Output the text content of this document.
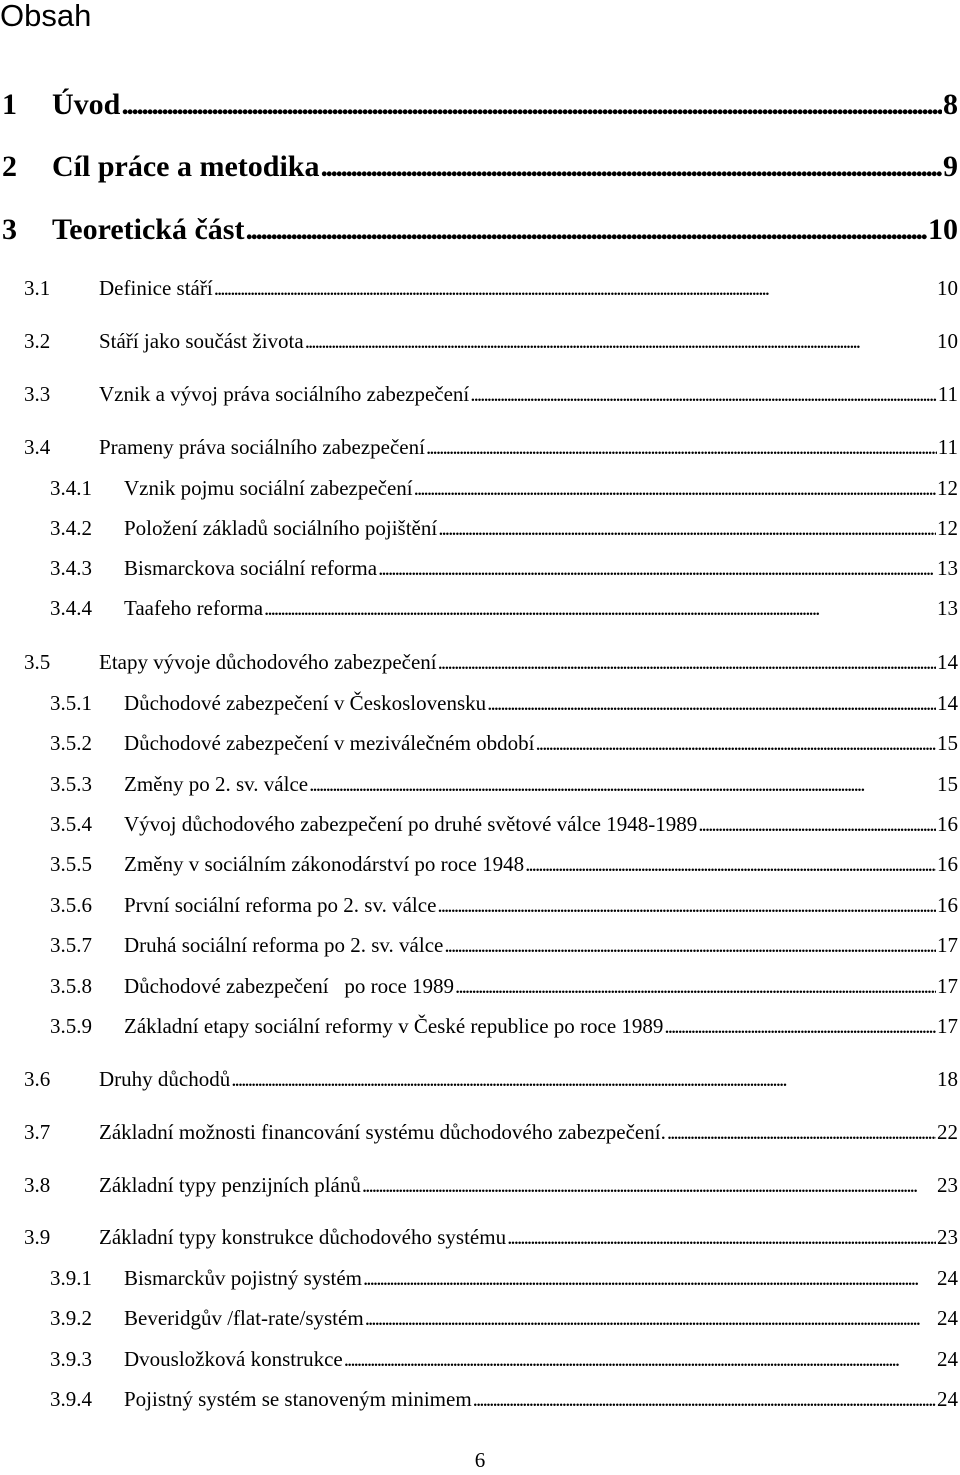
Obsah
1	Úvod . . .	8
2	Cíl práce a metodika . . .	9
3	Teoretická část . . .	10
3.1	Definice stáří . . .	10
3.2	Stáří jako součást života . . .	10
3.3	Vznik a vývoj práva sociálního zabezpečení . . .	11
3.4	Prameny práva sociálního zabezpečení . . .	11
3.4.1	Vznik pojmu sociální zabezpečení . . .	12
3.4.2	Položení základů sociálního pojištění . . .	12
3.4.3	Bismarckova sociální reforma . . .	13
3.4.4	Taafeho reforma . . .	13
3.5	Etapy vývoje důchodového zabezpečení . . .	14
3.5.1	Důchodové zabezpečení v Československu . . .	14
3.5.2	Důchodové zabezpečení v meziválečném období . . .	15
3.5.3	Změny po 2. sv. válce . . .	15
3.5.4	Vývoj důchodového zabezpečení po druhé světové válce 1948-1989 . . .	16
3.5.5	Změny v sociálním zákonodárství po roce 1948 . . .	16
3.5.6	První sociální reforma po 2. sv. válce . . .	16
3.5.7	Druhá sociální reforma po 2. sv. válce . . .	17
3.5.8	Důchodové zabezpečení   po roce 1989 . . .	17
3.5.9	Základní etapy sociální reformy v České republice po roce 1989 . . .	17
3.6	Druhy důchodů . . .	18
3.7	Základní možnosti financování systému důchodového zabezpečení. . . .	22
3.8	Základní typy penzijních plánů . . .	23
3.9	Základní typy konstrukce důchodového systému . . .	23
3.9.1	Bismarckův pojistný systém . . .	24
3.9.2	Beveridgův /flat-rate/systém . . .	24
3.9.3	Dvousložková konstrukce . . .	24
3.9.4	Pojistný systém se stanoveným minimem . . .	24
6
